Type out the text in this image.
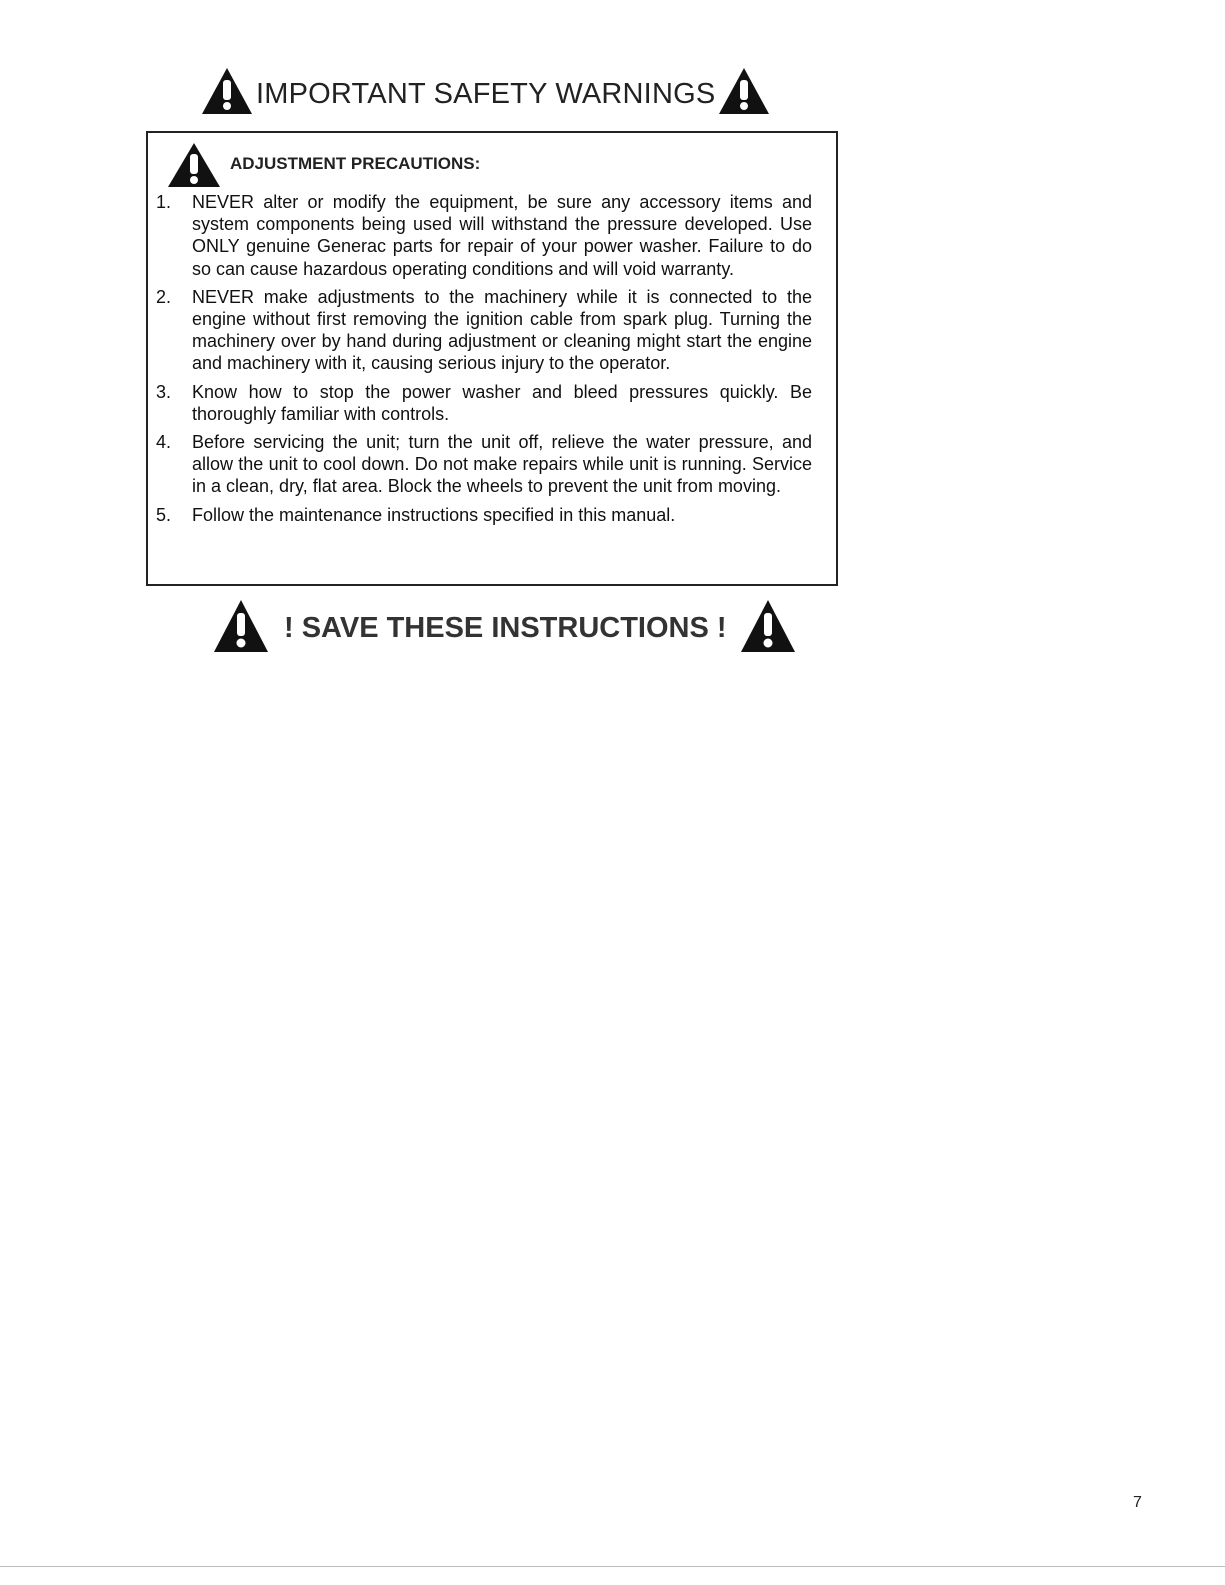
IMPORTANT SAFETY WARNINGS
ADJUSTMENT PRECAUTIONS:
1.	NEVER alter or modify the equipment, be sure any accessory items and system components being used will withstand the pressure developed. Use ONLY genuine Generac parts for repair of your power washer. Failure to do so can cause hazardous operating conditions and will void warranty.
2.	NEVER make adjustments to the machinery while it is connected to the engine without first removing the ignition cable from spark plug. Turning the machinery over by hand during adjustment or cleaning might start the engine and machinery with it, causing serious injury to the operator.
3.	Know how to stop the power washer and bleed pressures quickly. Be thoroughly familiar with controls.
4.	Before servicing the unit; turn the unit off, relieve the water pressure, and allow the unit to cool down. Do not make repairs while unit is running. Service in a clean, dry, flat area. Block the wheels to prevent the unit from moving.
5.	Follow the maintenance instructions specified in this manual.
! SAVE THESE INSTRUCTIONS !
7
